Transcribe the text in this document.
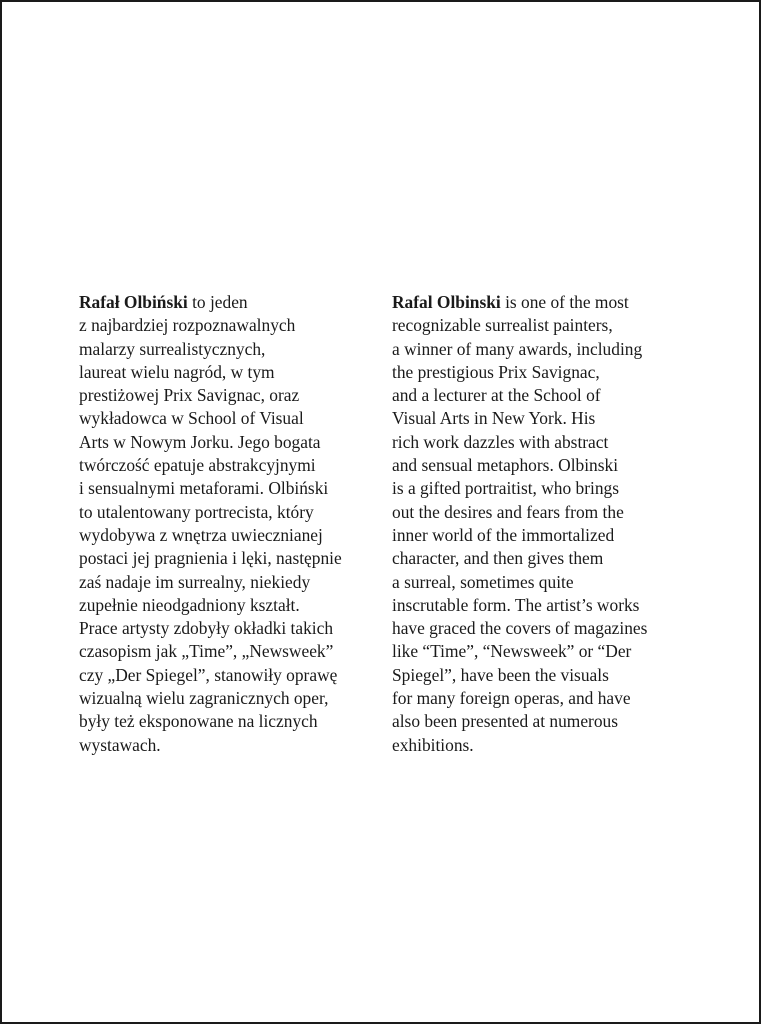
Rafał Olbiński to jeden
z najbardziej rozpoznawalnych
malarzy surrealistycznych,
laureat wielu nagród, w tym
prestiżowej Prix Savignac, oraz
wykładowca w School of Visual
Arts w Nowym Jorku. Jego bogata
twórczość epatuje abstrakcyjnymi
i sensualnymi metaforami. Olbiński
to utalentowany portrecista, który
wydobywa z wnętrza uwiecznianej
postaci jej pragnienia i lęki, następnie
zaś nadaje im surrealny, niekiedy
zupełnie nieodgadniony kształt.
Prace artysty zdobyły okładki takich
czasopism jak „Time”, „Newsweek”
czy „Der Spiegel”, stanowiły oprawę
wizualną wielu zagranicznych oper,
były też eksponowane na licznych
wystawach.
Rafal Olbinski is one of the most
recognizable surrealist painters,
a winner of many awards, including
the prestigious Prix Savignac,
and a lecturer at the School of
Visual Arts in New York. His
rich work dazzles with abstract
and sensual metaphors. Olbinski
is a gifted portraitist, who brings
out the desires and fears from the
inner world of the immortalized
character, and then gives them
a surreal, sometimes quite
inscrutable form. The artist’s works
have graced the covers of magazines
like “Time”, “Newsweek” or “Der
Spiegel”, have been the visuals
for many foreign operas, and have
also been presented at numerous
exhibitions.
